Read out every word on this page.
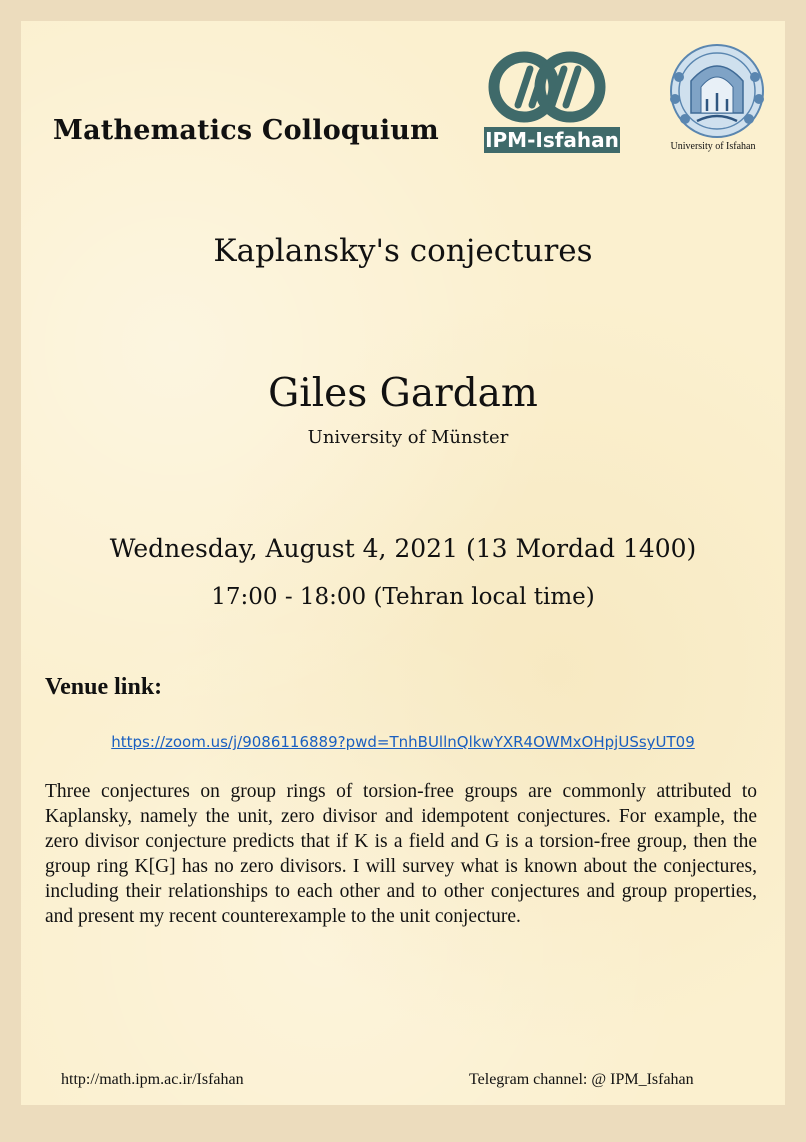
Mathematics Colloquium IPM-Isfahan	University of Isfahan
Kaplansky's conjectures
Giles Gardam
University of Münster
Wednesday, August 4, 2021 (13 Mordad 1400)
17:00 - 18:00 (Tehran local time)
Venue link:
https://zoom.us/j/9086116889?pwd=TnhBUllnQlkwYXR4OWMxOHpjUSsyUT09
Three conjectures on group rings of torsion-free groups are commonly attributed to Kaplansky, namely the unit, zero divisor and idempotent conjectures. For example, the zero divisor conjecture predicts that if K is a field and G is a torsion-free group, then the group ring K[G] has no zero divisors. I will survey what is known about the conjectures, including their relationships to each other and to other conjectures and group properties, and present my recent counterexample to the unit conjecture.
http://math.ipm.ac.ir/Isfahan	Telegram channel: @ IPM_Isfahan
